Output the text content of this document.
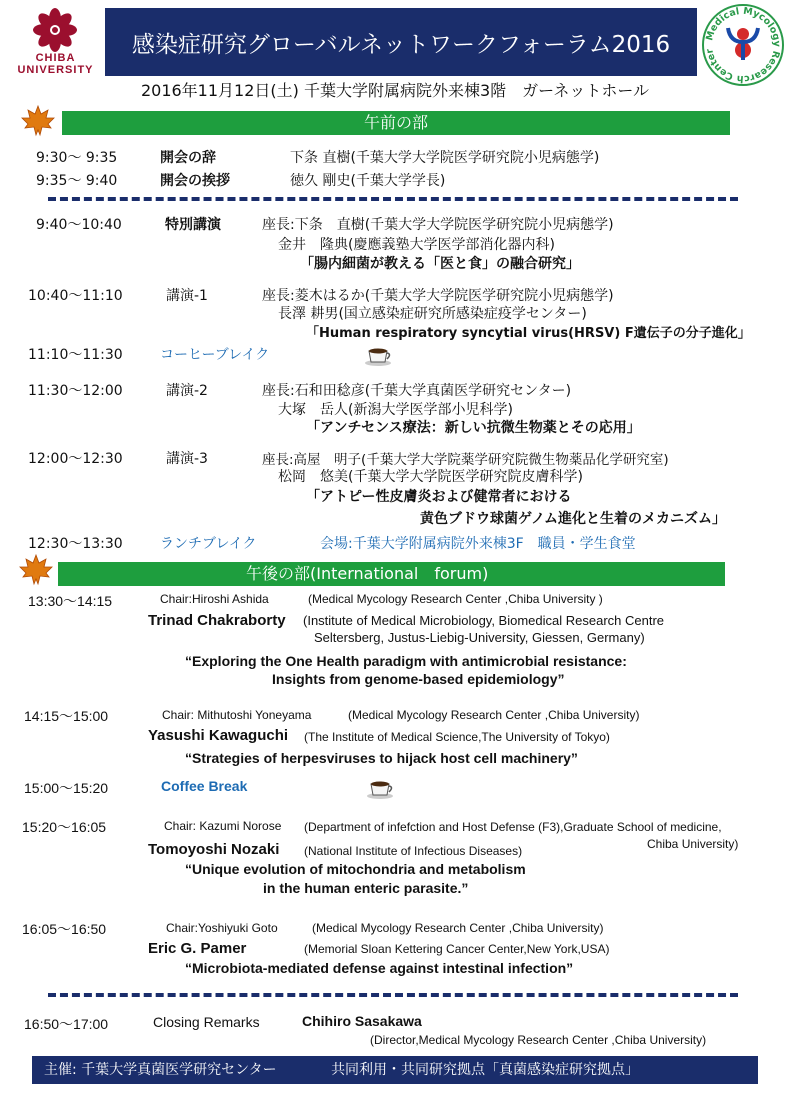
CHIBA
UNIVERSITY
感染症研究グローバルネットワークフォーラム2016	Medical Mycology Research Center
2016年11月12日(土) 千葉大学附属病院外来棟3階　ガーネットホール
午前の部
9:30〜 9:35	開会の辞	下条 直樹(千葉大学大学院医学研究院小児病態学)
9:35〜 9:40	開会の挨拶	徳久 剛史(千葉大学学長)
9:40〜10:40	特別講演	座長:下条　直樹(千葉大学大学院医学研究院小児病態学)
金井　隆典(慶應義塾大学医学部消化器内科)
「腸内細菌が教える「医と食」の融合研究」
10:40〜11:10	講演-1	座長:菱木はるか(千葉大学大学院医学研究院小児病態学)
長澤 耕男(国立感染症研究所感染症疫学センター)
「Human respiratory syncytial virus(HRSV) F遺伝子の分子進化」
11:10〜11:30	コーヒーブレイク
11:30〜12:00	講演-2	座長:石和田稔彦(千葉大学真菌医学研究センター)
大塚　岳人(新潟大学医学部小児科学)
「アンチセンス療法：新しい抗微生物薬とその応用」
12:00〜12:30	講演-3	座長:高屋　明子(千葉大学大学院薬学研究院微生物薬品化学研究室)
松岡　悠美(千葉大学大学院医学研究院皮膚科学)
「アトピー性皮膚炎および健常者における
黄色ブドウ球菌ゲノム進化と生着のメカニズム」
12:30〜13:30	ランチブレイク	会場:千葉大学附属病院外来棟3F　職員・学生食堂
午後の部(International　forum)
13:30〜14:15	Chair:Hiroshi Ashida	(Medical Mycology Research Center ,Chiba University )
Trinad Chakraborty (Institute of Medical Microbiology, Biomedical Research Centre
Seltersberg, Justus-Liebig-University, Giessen, Germany)
“Exploring the One Health paradigm with antimicrobial resistance:
Insights from genome-based epidemiology”
14:15〜15:00	Chair: Mithutoshi Yoneyama	(Medical Mycology Research Center ,Chiba University)
Yasushi Kawaguchi (The Institute of Medical Science,The University of Tokyo)
“Strategies of herpesviruses to hijack host cell machinery”
15:00〜15:20	Coffee Break
15:20〜16:05	Chair: Kazumi Norose (Department of infefction and Host Defense (F3),Graduate School of medicine,
Chiba University)
Tomoyoshi Nozaki (National Institute of Infectious Diseases)
“Unique evolution of mitochondria and metabolism
in the human enteric parasite.”
16:05〜16:50	Chair:Yoshiyuki Goto	(Medical Mycology Research Center ,Chiba University)
Eric G. Pamer	(Memorial Sloan Kettering Cancer Center,New York,USA)
“Microbiota-mediated defense against intestinal infection”
16:50〜17:00	Closing Remarks	Chihiro Sasakawa
(Director,Medical Mycology Research Center ,Chiba University)
主催: 千葉大学真菌医学研究センター	共同利用・共同研究拠点「真菌感染症研究拠点」
